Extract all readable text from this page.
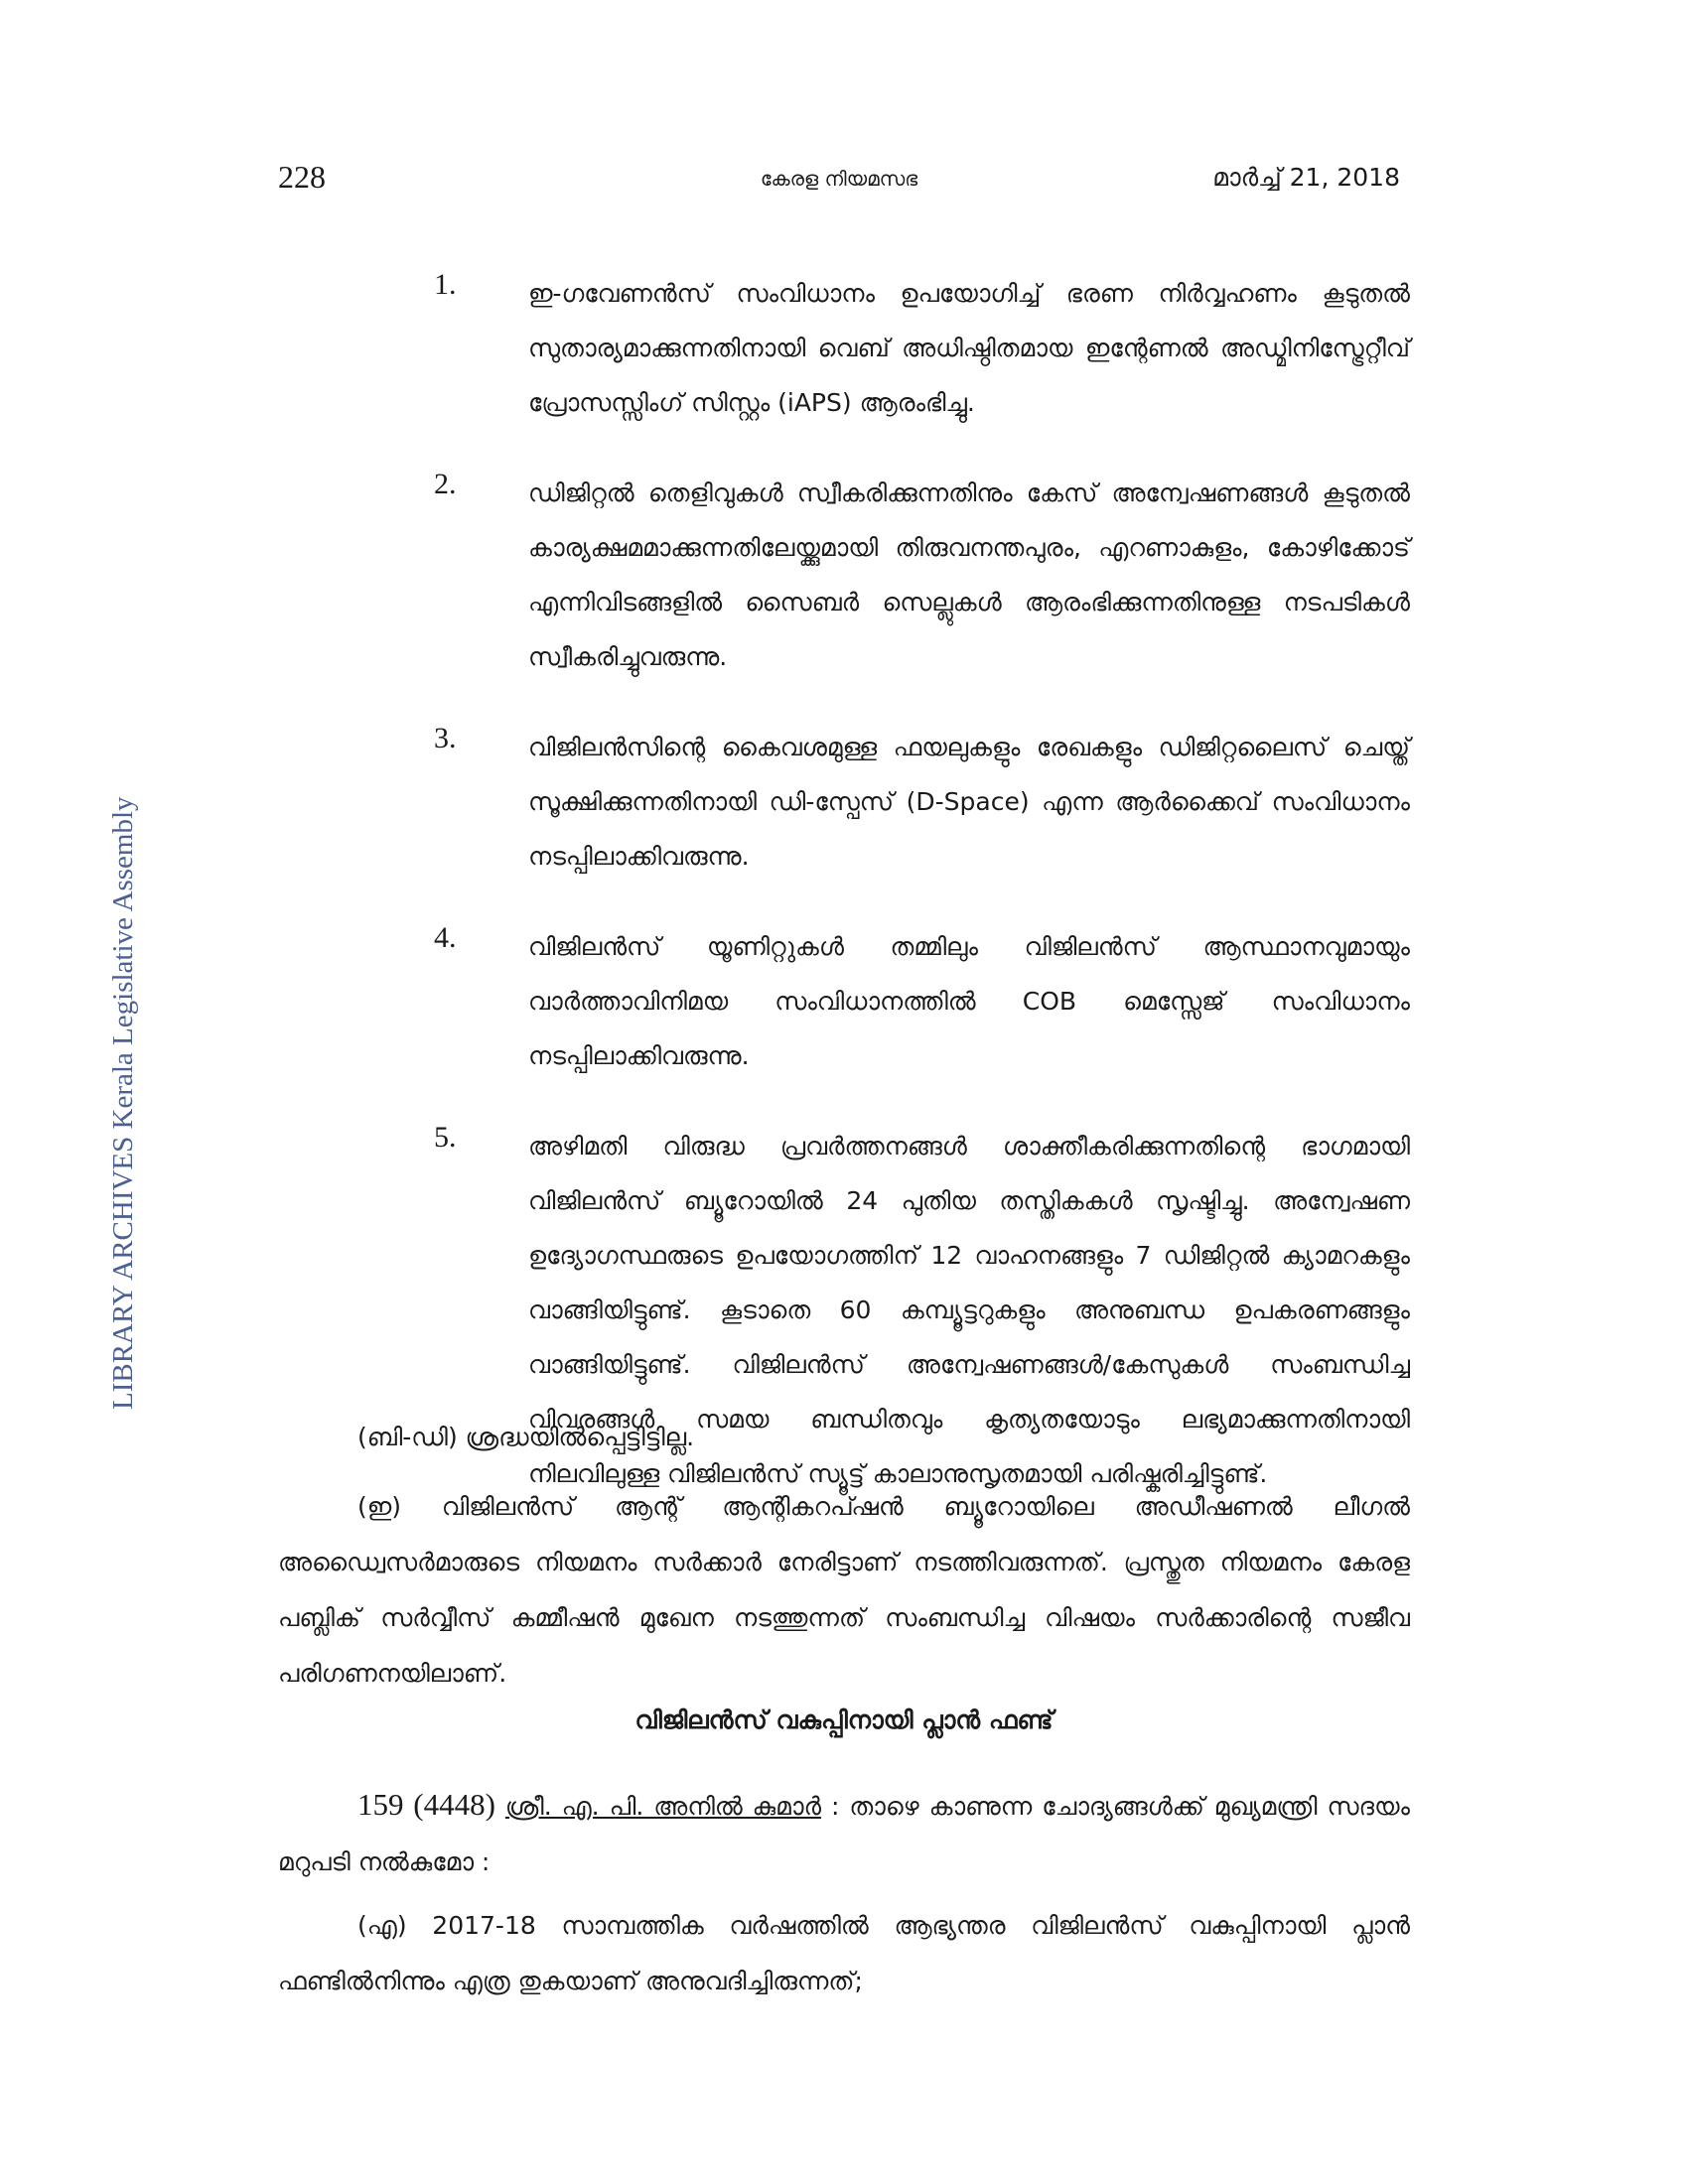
228	കേരള നിയമസഭ	മാർച്ച് 21, 2018
LIBRARY ARCHIVES Kerala Legislative Assembly
1.	ഇ-ഗവേണൻസ് സംവിധാനം ഉപയോഗിച്ച് ഭരണ നിർവ്വഹണം കൂടുതൽ സുതാര്യമാക്കുന്നതിനായി വെബ് അധിഷ്ഠിതമായ ഇന്റേണൽ അഡ്മിനിസ്ട്രേറ്റീവ് പ്രോസസ്സിംഗ് സിസ്റ്റം (iAPS) ആരംഭിച്ചു.
2.	ഡിജിറ്റൽ തെളിവുകൾ സ്വീകരിക്കുന്നതിനും കേസ് അന്വേഷണങ്ങൾ കൂടുതൽ കാര്യക്ഷമമാക്കുന്നതിലേയ്ക്കുമായി തിരുവനന്തപുരം, എറണാകുളം, കോഴിക്കോട് എന്നിവിടങ്ങളിൽ സൈബർ സെല്ലുകൾ ആരംഭിക്കുന്നതിനുള്ള നടപടികൾ സ്വീകരിച്ചുവരുന്നു.
3.	വിജിലൻസിന്റെ കൈവശമുള്ള ഫയലുകളും രേഖകളും ഡിജിറ്റലൈസ് ചെയ്ത് സൂക്ഷിക്കുന്നതിനായി ഡി-സ്പേസ് (D-Space) എന്ന ആർക്കൈവ് സംവിധാനം നടപ്പിലാക്കിവരുന്നു.
4.	വിജിലൻസ് യൂണിറ്റുകൾ തമ്മിലും വിജിലൻസ് ആസ്ഥാനവുമായും വാർത്താവിനിമയ സംവിധാനത്തിൽ COB മെസ്സേജ് സംവിധാനം നടപ്പിലാക്കിവരുന്നു.
5.	അഴിമതി വിരുദ്ധ പ്രവർത്തനങ്ങൾ ശാക്തീകരിക്കുന്നതിന്റെ ഭാഗമായി വിജിലൻസ് ബ്യൂറോയിൽ 24 പുതിയ തസ്തികകൾ സൃഷ്ടിച്ചു. അന്വേഷണ ഉദ്യോഗസ്ഥരുടെ ഉപയോഗത്തിന് 12 വാഹനങ്ങളും 7 ഡിജിറ്റൽ ക്യാമറകളും വാങ്ങിയിട്ടുണ്ട്. കൂടാതെ 60 കമ്പ്യൂട്ടറുകളും അനുബന്ധ ഉപകരണങ്ങളും വാങ്ങിയിട്ടുണ്ട്. വിജിലൻസ് അന്വേഷണങ്ങൾ/കേസുകൾ സംബന്ധിച്ച വിവരങ്ങൾ സമയ ബന്ധിതവും കൃത്യതയോടും ലഭ്യമാക്കുന്നതിനായി നിലവിലുള്ള വിജിലൻസ് സ്യൂട്ട് കാലാനുസൃതമായി പരിഷ്കരിച്ചിട്ടുണ്ട്.

(ബി-ഡി) ശ്രദ്ധയിൽപ്പെട്ടിട്ടില്ല.

(ഇ) വിജിലൻസ് ആന്റ് ആന്റികറപ്ഷൻ ബ്യൂറോയിലെ അഡീഷണൽ ലീഗൽ അഡ്വൈസർമാരുടെ നിയമനം സർക്കാർ നേരിട്ടാണ് നടത്തിവരുന്നത്. പ്രസ്തുത നിയമനം കേരള പബ്ലിക് സർവ്വീസ് കമ്മീഷൻ മുഖേന നടത്തുന്നത് സംബന്ധിച്ച വിഷയം സർക്കാരിന്റെ സജീവ പരിഗണനയിലാണ്.

വിജിലൻസ് വകുപ്പിനായി പ്ലാൻ ഫണ്ട്

159 (4448) ശ്രീ. എ. പി. അനിൽ കുമാർ : താഴെ കാണുന്ന ചോദ്യങ്ങൾക്ക് മുഖ്യമന്ത്രി സദയം മറുപടി നൽകുമോ :

(എ) 2017-18 സാമ്പത്തിക വർഷത്തിൽ ആഭ്യന്തര വിജിലൻസ് വകുപ്പിനായി പ്ലാൻ ഫണ്ടിൽനിന്നും എത്ര തുകയാണ് അനുവദിച്ചിരുന്നത്;
